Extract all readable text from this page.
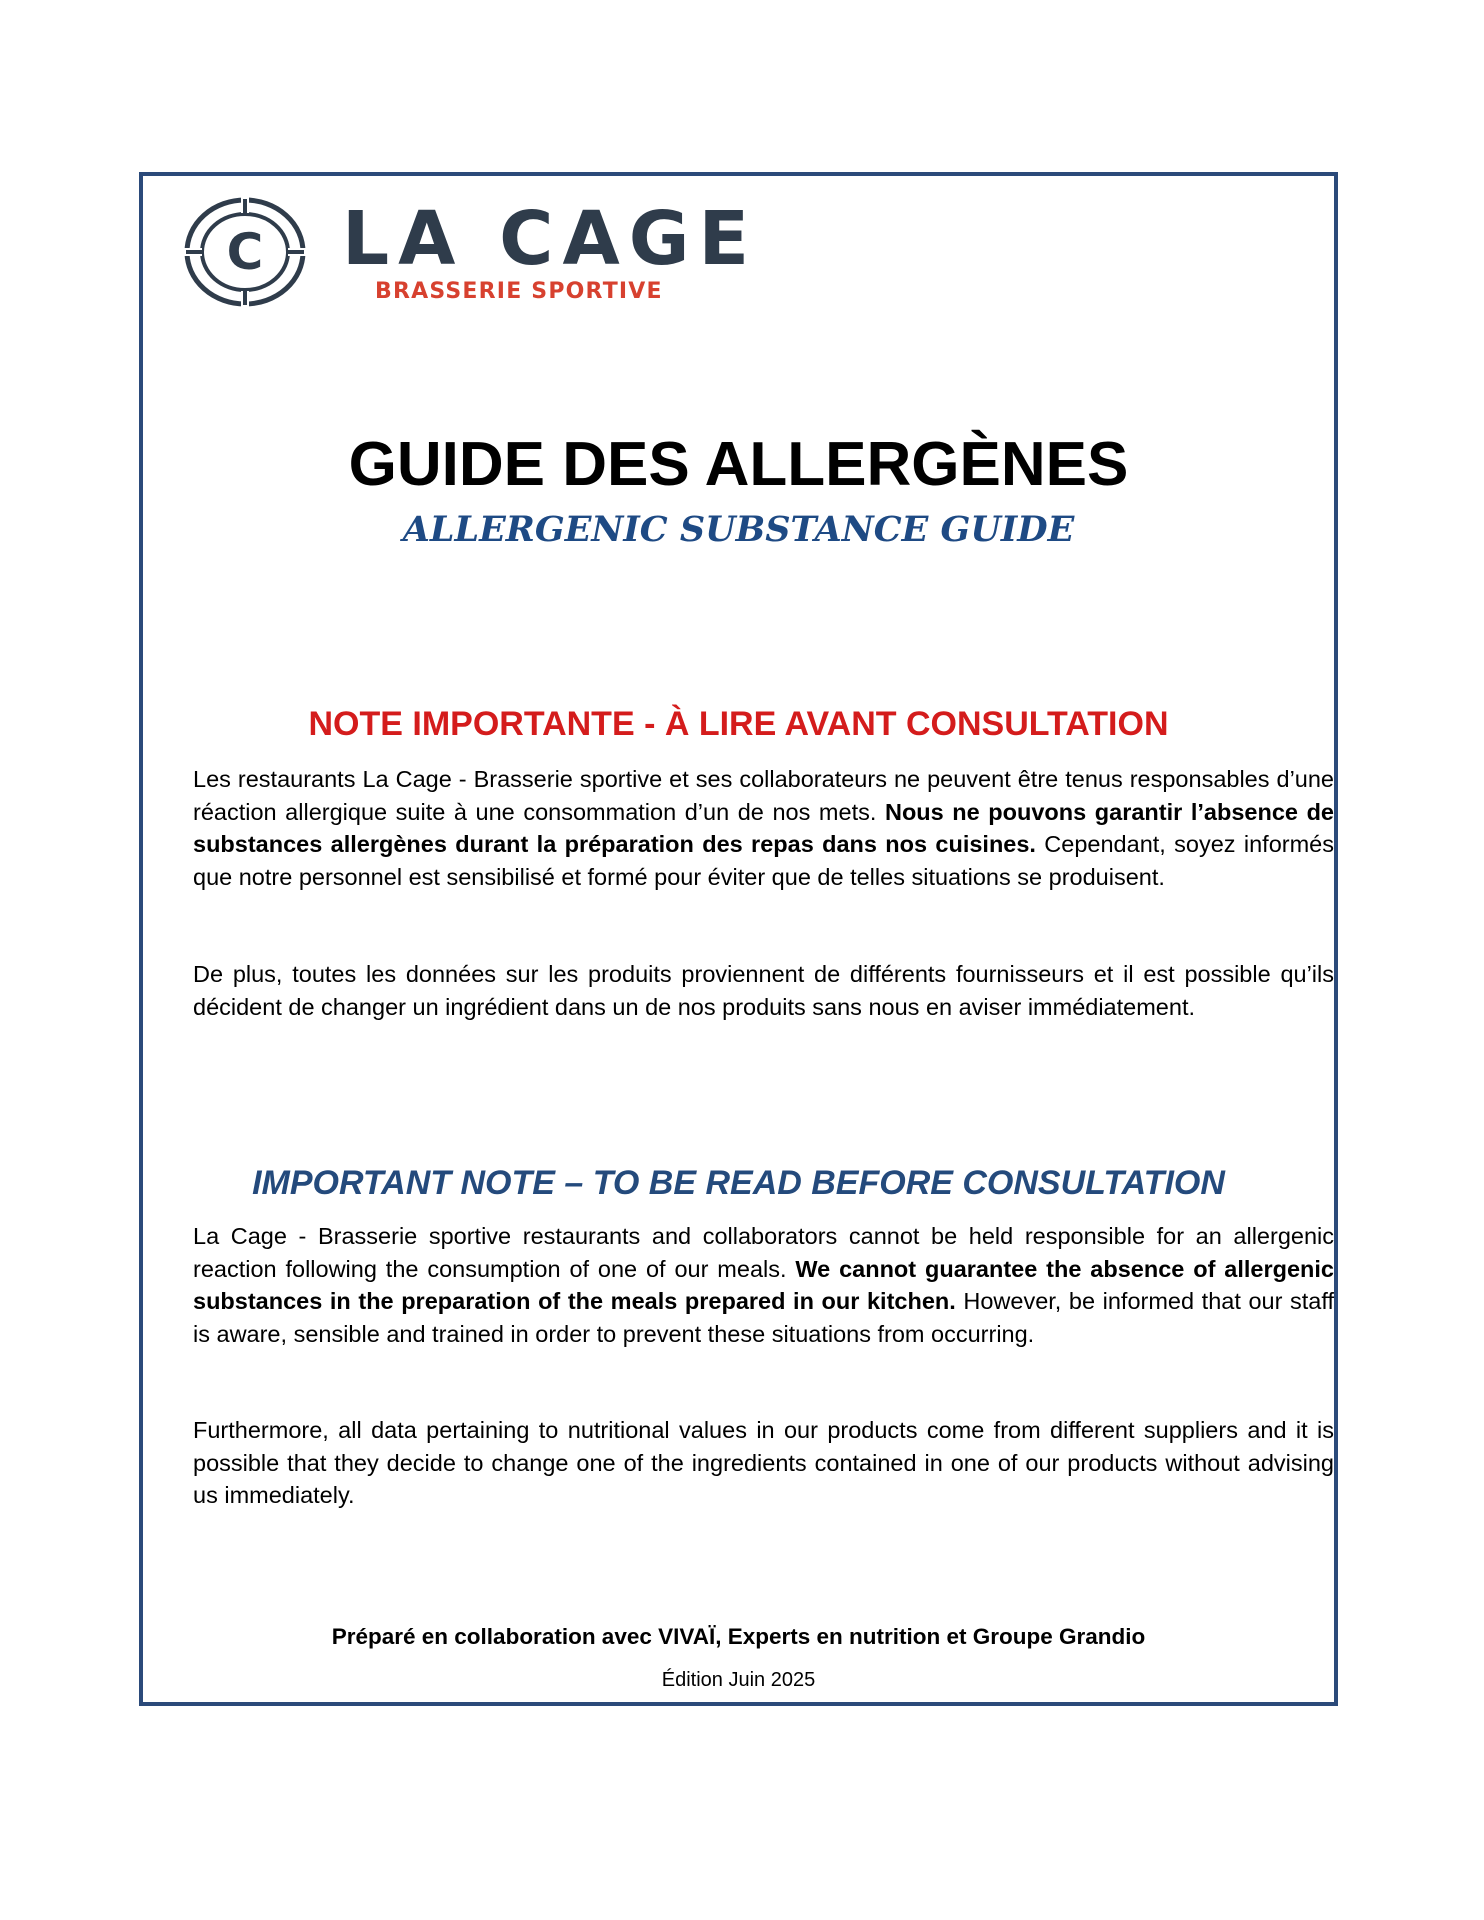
C LA CAGE
BRASSERIE SPORTIVE
GUIDE DES ALLERGÈNES
ALLERGENIC SUBSTANCE GUIDE
NOTE IMPORTANTE - À LIRE AVANT CONSULTATION

Les restaurants La Cage - Brasserie sportive et ses collaborateurs ne peuvent être tenus responsables d’une réaction allergique suite à une consommation d’un de nos mets. Nous ne pouvons garantir l’absence de substances allergènes durant la préparation des repas dans nos cuisines. Cependant, soyez informés que notre personnel est sensibilisé et formé pour éviter que de telles situations se produisent.

De plus, toutes les données sur les produits proviennent de différents fournisseurs et il est possible qu’ils décident de changer un ingrédient dans un de nos produits sans nous en aviser immédiatement.

IMPORTANT NOTE – TO BE READ BEFORE CONSULTATION

La Cage - Brasserie sportive restaurants and collaborators cannot be held responsible for an allergenic reaction following the consumption of one of our meals. We cannot guarantee the absence of allergenic substances in the preparation of the meals prepared in our kitchen. However, be informed that our staff is aware, sensible and trained in order to prevent these situations from occurring.

Furthermore, all data pertaining to nutritional values in our products come from different suppliers and it is possible that they decide to change one of the ingredients contained in one of our products without advising us immediately.

Préparé en collaboration avec VIVAÏ, Experts en nutrition et Groupe Grandio

Édition Juin 2025
